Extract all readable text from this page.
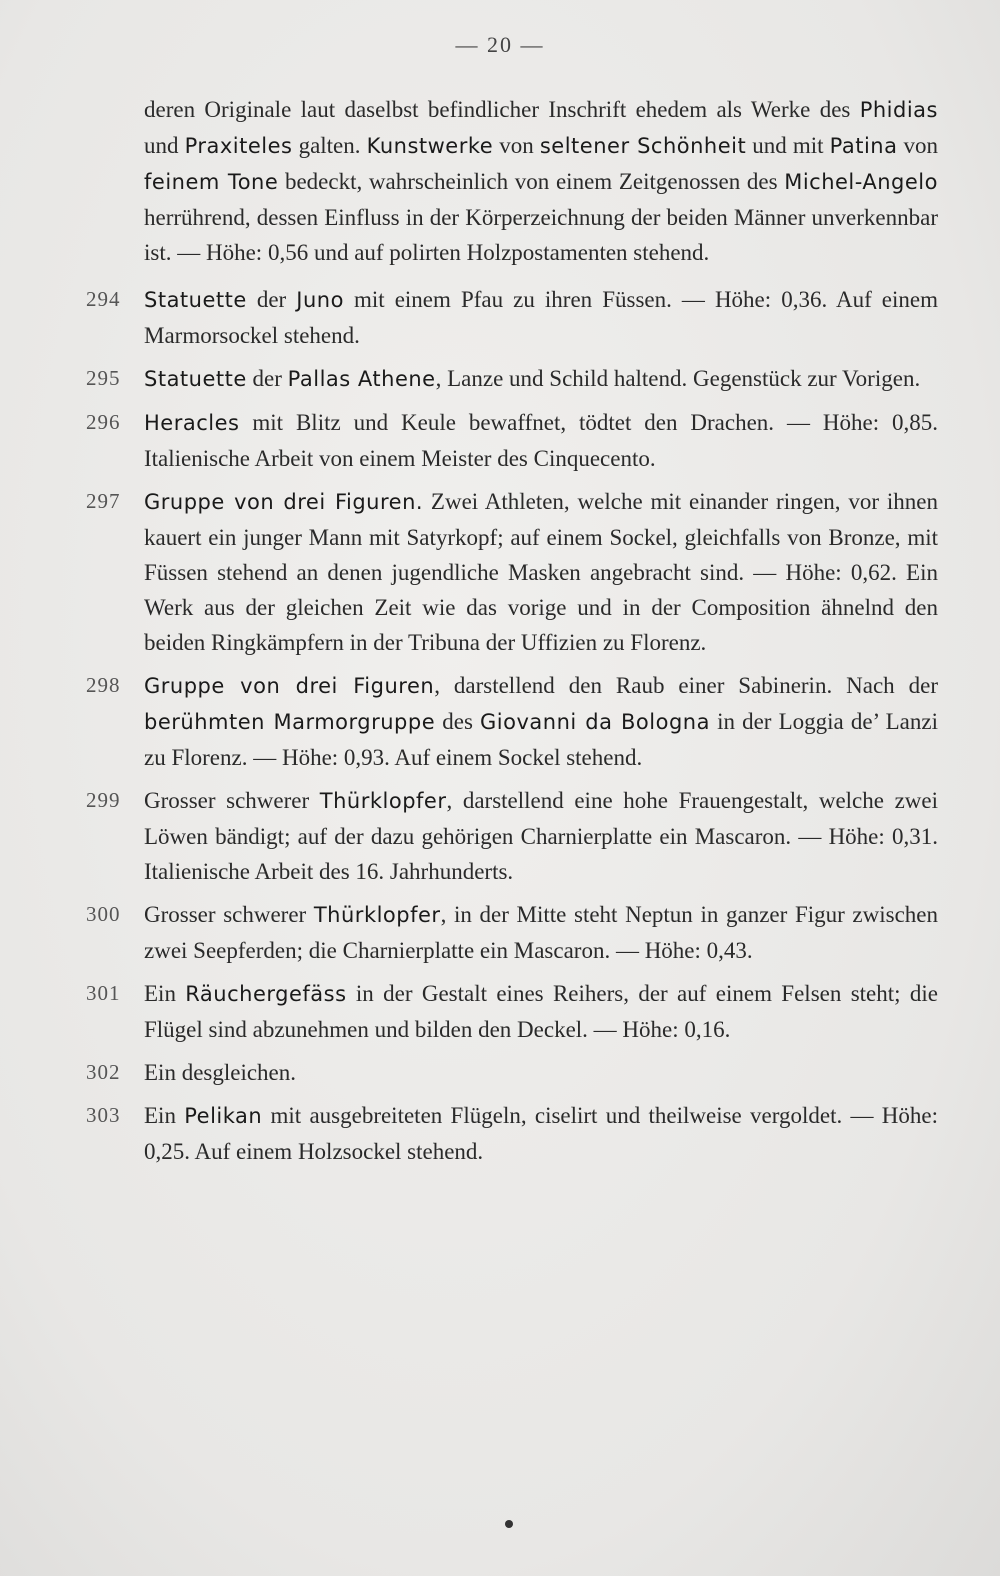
— 20 —

deren Originale laut daselbst befindlicher Inschrift ehedem als Werke des Phidias und Praxiteles galten. Kunstwerke von seltener Schönheit und mit Patina von feinem Tone bedeckt, wahrscheinlich von einem Zeitgenossen des Michel-Angelo herrührend, dessen Einfluss in der Körperzeichnung der beiden Männer unverkennbar ist. — Höhe: 0,56 und auf polirten Holzpostamenten stehend.

294	Statuette der Juno mit einem Pfau zu ihren Füssen. — Höhe: 0,36. Auf einem Marmorsockel stehend.

295	Statuette der Pallas Athene, Lanze und Schild haltend. Gegenstück zur Vorigen.

296	Heracles mit Blitz und Keule bewaffnet, tödtet den Drachen. — Höhe: 0,85. Italienische Arbeit von einem Meister des Cinquecento.

297	Gruppe von drei Figuren. Zwei Athleten, welche mit einander ringen, vor ihnen kauert ein junger Mann mit Satyrkopf; auf einem Sockel, gleichfalls von Bronze, mit Füssen stehend an denen jugendliche Masken angebracht sind. — Höhe: 0,62. Ein Werk aus der gleichen Zeit wie das vorige und in der Composition ähnelnd den beiden Ringkämpfern in der Tribuna der Uffizien zu Florenz.

298	Gruppe von drei Figuren, darstellend den Raub einer Sabinerin. Nach der berühmten Marmorgruppe des Giovanni da Bologna in der Loggia de’ Lanzi zu Florenz. — Höhe: 0,93. Auf einem Sockel stehend.

299	Grosser schwerer Thürklopfer, darstellend eine hohe Frauengestalt, welche zwei Löwen bändigt; auf der dazu gehörigen Charnierplatte ein Mascaron. — Höhe: 0,31. Italienische Arbeit des 16. Jahrhunderts.

300	Grosser schwerer Thürklopfer, in der Mitte steht Neptun in ganzer Figur zwischen zwei Seepferden; die Charnierplatte ein Mascaron. — Höhe: 0,43.

301	Ein Räuchergefäss in der Gestalt eines Reihers, der auf einem Felsen steht; die Flügel sind abzunehmen und bilden den Deckel. — Höhe: 0,16.

302	Ein desgleichen.

303	Ein Pelikan mit ausgebreiteten Flügeln, ciselirt und theilweise vergoldet. — Höhe: 0,25. Auf einem Holzsockel stehend.
